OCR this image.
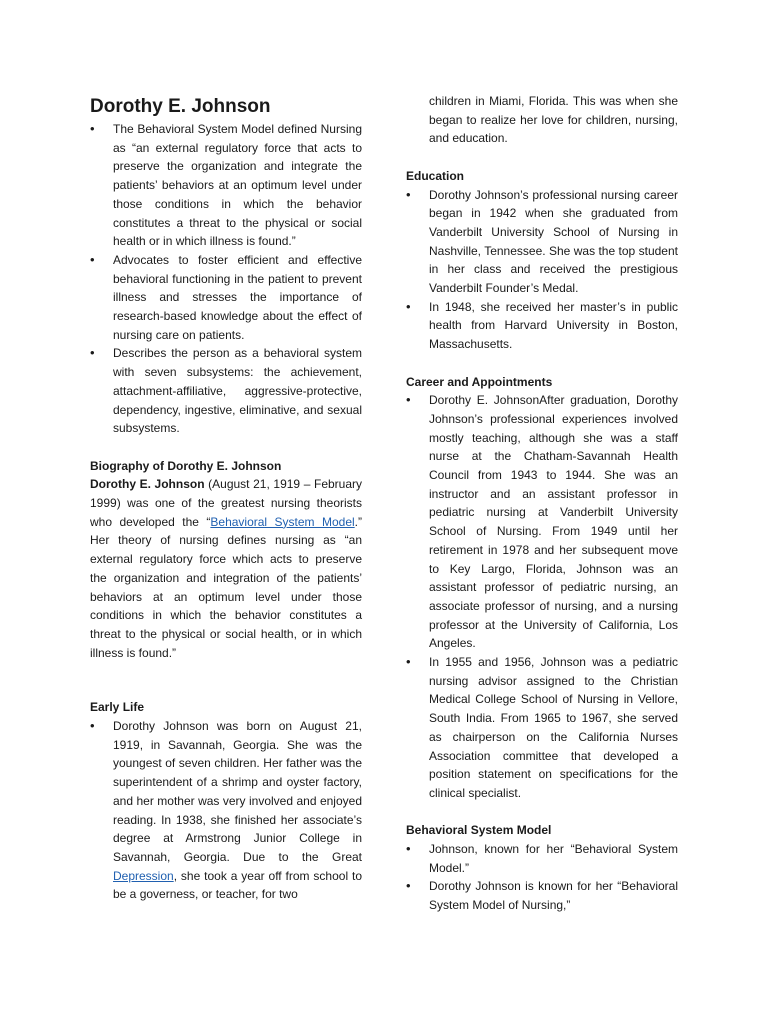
Dorothy E. Johnson
• The Behavioral System Model defined Nursing as “an external regulatory force that acts to preserve the organization and integrate the patients’ behaviors at an optimum level under those conditions in which the behavior constitutes a threat to the physical or social health or in which illness is found.”
• Advocates to foster efficient and effective behavioral functioning in the patient to prevent illness and stresses the importance of research-based knowledge about the effect of nursing care on patients.
• Describes the person as a behavioral system with seven subsystems: the achievement, attachment-affiliative, aggressive-protective, dependency, ingestive, eliminative, and sexual subsystems.
Biography of Dorothy E. Johnson

Dorothy E. Johnson (August 21, 1919 – February 1999) was one of the greatest nursing theorists who developed the “Behavioral System Model.” Her theory of nursing defines nursing as “an external regulatory force which acts to preserve the organization and integration of the patients’ behaviors at an optimum level under those conditions in which the behavior constitutes a threat to the physical or social health, or in which illness is found.”

Early Life
• Dorothy Johnson was born on August 21, 1919, in Savannah, Georgia. She was the youngest of seven children. Her father was the superintendent of a shrimp and oyster factory, and her mother was very involved and enjoyed reading. In 1938, she finished her associate’s degree at Armstrong Junior College in Savannah, Georgia. Due to the Great Depression, she took a year off from school to be a governess, or teacher, for two

children in Miami, Florida. This was when she began to realize her love for children, nursing, and education.

Education
• Dorothy Johnson’s professional nursing career began in 1942 when she graduated from Vanderbilt University School of Nursing in Nashville, Tennessee. She was the top student in her class and received the prestigious Vanderbilt Founder’s Medal.
• In 1948, she received her master’s in public health from Harvard University in Boston, Massachusetts.
Career and Appointments
• Dorothy E. JohnsonAfter graduation, Dorothy Johnson’s professional experiences involved mostly teaching, although she was a staff nurse at the Chatham-Savannah Health Council from 1943 to 1944. She was an instructor and an assistant professor in pediatric nursing at Vanderbilt University School of Nursing. From 1949 until her retirement in 1978 and her subsequent move to Key Largo, Florida, Johnson was an assistant professor of pediatric nursing, an associate professor of nursing, and a nursing professor at the University of California, Los Angeles.
• In 1955 and 1956, Johnson was a pediatric nursing advisor assigned to the Christian Medical College School of Nursing in Vellore, South India. From 1965 to 1967, she served as chairperson on the California Nurses Association committee that developed a position statement on specifications for the clinical specialist.
Behavioral System Model
• Johnson, known for her “Behavioral System Model.”
• Dorothy Johnson is known for her “Behavioral System Model of Nursing,”
